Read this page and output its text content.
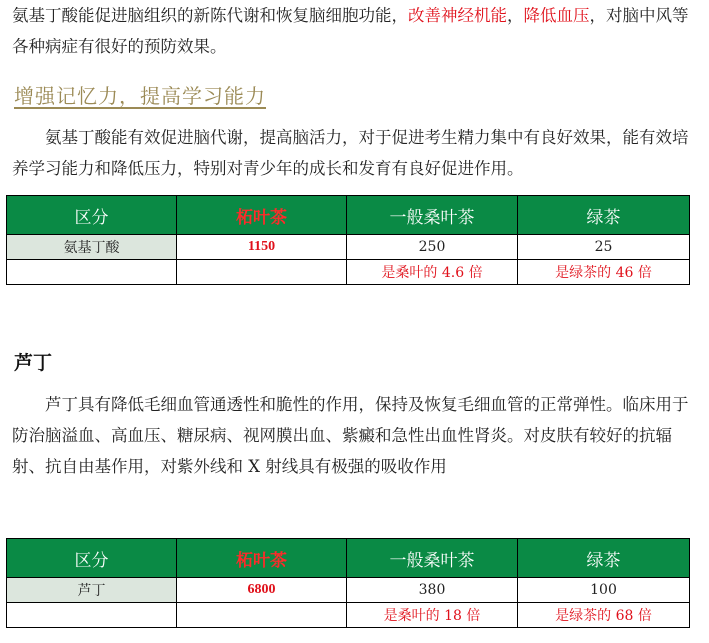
氨基丁酸能促进脑组织的新陈代谢和恢复脑细胞功能，改善神经机能，降低血压，对脑中风等各种病症有很好的预防效果。
增强记忆力，提高学习能力
氨基丁酸能有效促进脑代谢，提高脑活力，对于促进考生精力集中有良好效果，能有效培养学习能力和降低压力，特别对青少年的成长和发育有良好促进作用。
区分	柘叶茶	一般桑叶茶	绿茶
氨基丁酸	1150	250	25
		是桑叶的 4.6 倍	是绿茶的 46 倍
芦丁
芦丁具有降低毛细血管通透性和脆性的作用，保持及恢复毛细血管的正常弹性。临床用于防治脑溢血、高血压、糖尿病、视网膜出血、紫癜和急性出血性肾炎。对皮肤有较好的抗辐射、抗自由基作用，对紫外线和 X 射线具有极强的吸收作用
区分	柘叶茶	一般桑叶茶	绿茶
芦丁	6800	380	100
		是桑叶的 18 倍	是绿茶的 68 倍
